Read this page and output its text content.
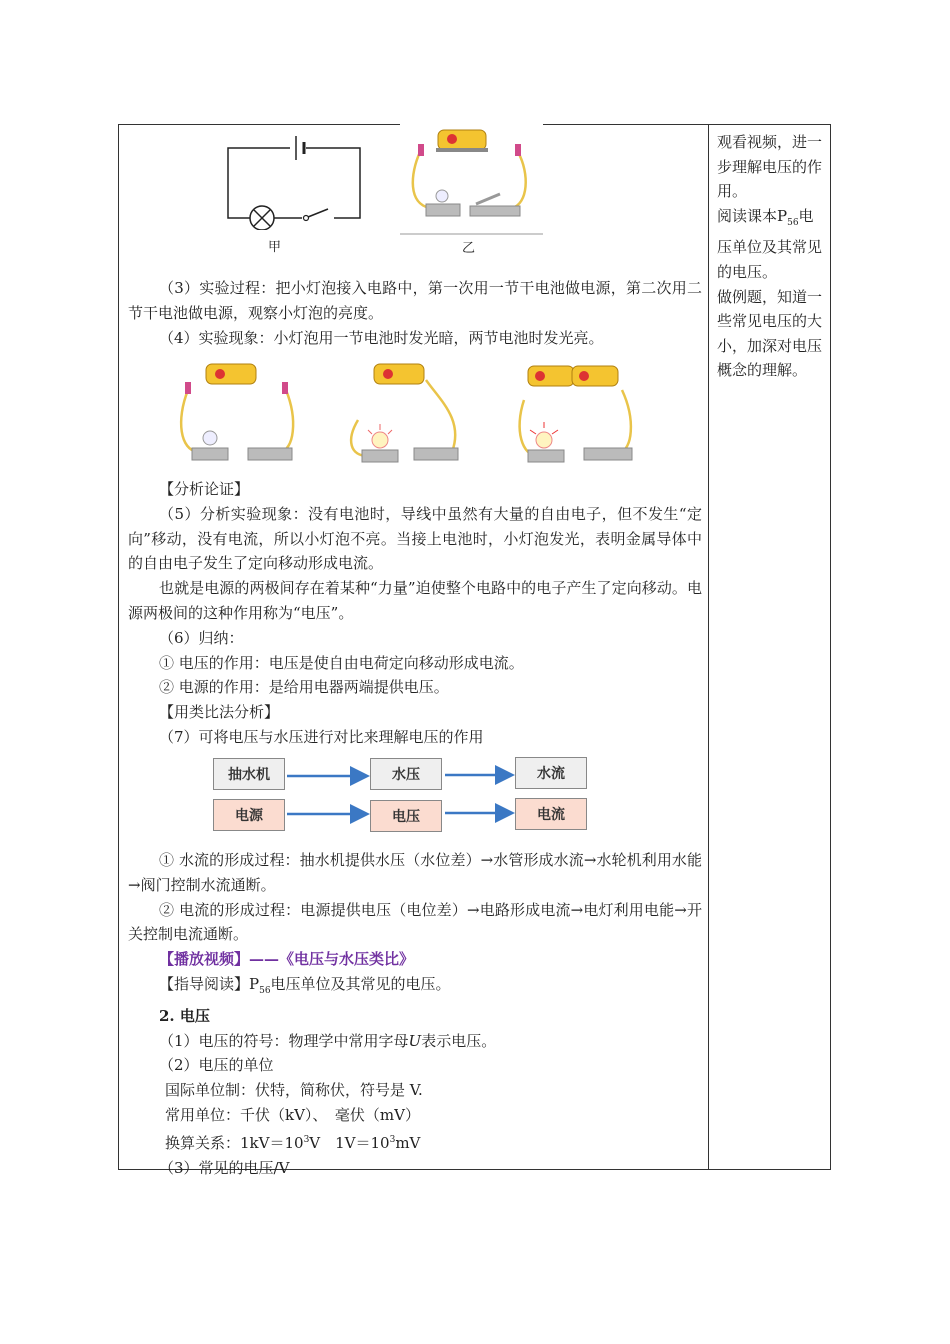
甲	乙
抽水机	水压	水流
电源	电压	电流

（3）实验过程：把小灯泡接入电路中，第一次用一节干电池做电源，第二次用二节干电池做电源，观察小灯泡的亮度。

（4）实验现象：小灯泡用一节电池时发光暗，两节电池时发光亮。

【分析论证】

（5）分析实验现象：没有电池时，导线中虽然有大量的自由电子，但不发生“定向”移动，没有电流，所以小灯泡不亮。当接上电池时，小灯泡发光，表明金属导体中的自由电子发生了定向移动形成电流。

也就是电源的两极间存在着某种“力量”迫使整个电路中的电子产生了定向移动。电源两极间的这种作用称为“电压”。

（6）归纳：

① 电压的作用：电压是使自由电荷定向移动形成电流。

② 电源的作用：是给用电器两端提供电压。

【用类比法分析】

（7）可将电压与水压进行对比来理解电压的作用

① 水流的形成过程：抽水机提供水压（水位差）→水管形成水流→水轮机利用水能→阀门控制水流通断。

② 电流的形成过程：电源提供电压（电位差）→电路形成电流→电灯利用电能→开关控制电流通断。

【播放视频】——《电压与水压类比》

【指导阅读】$P_{56}$电压单位及其常见的电压。

2. 电压

（1）电压的符号：物理学中常用字母U表示电压。

（2）电压的单位

国际单位制：伏特，简称伏，符号是 V.

常用单位：千伏（kV）、　毫伏（mV）

换算关系：$1kV=10^3V$　$1V=10^3mV$

（3）常见的电压/V

观看视频，进一步理解电压的作用。
阅读课本$P_{56}$电压单位及其常见的电压。
做例题，知道一些常见电压的大小，加深对电压概念的理解。
